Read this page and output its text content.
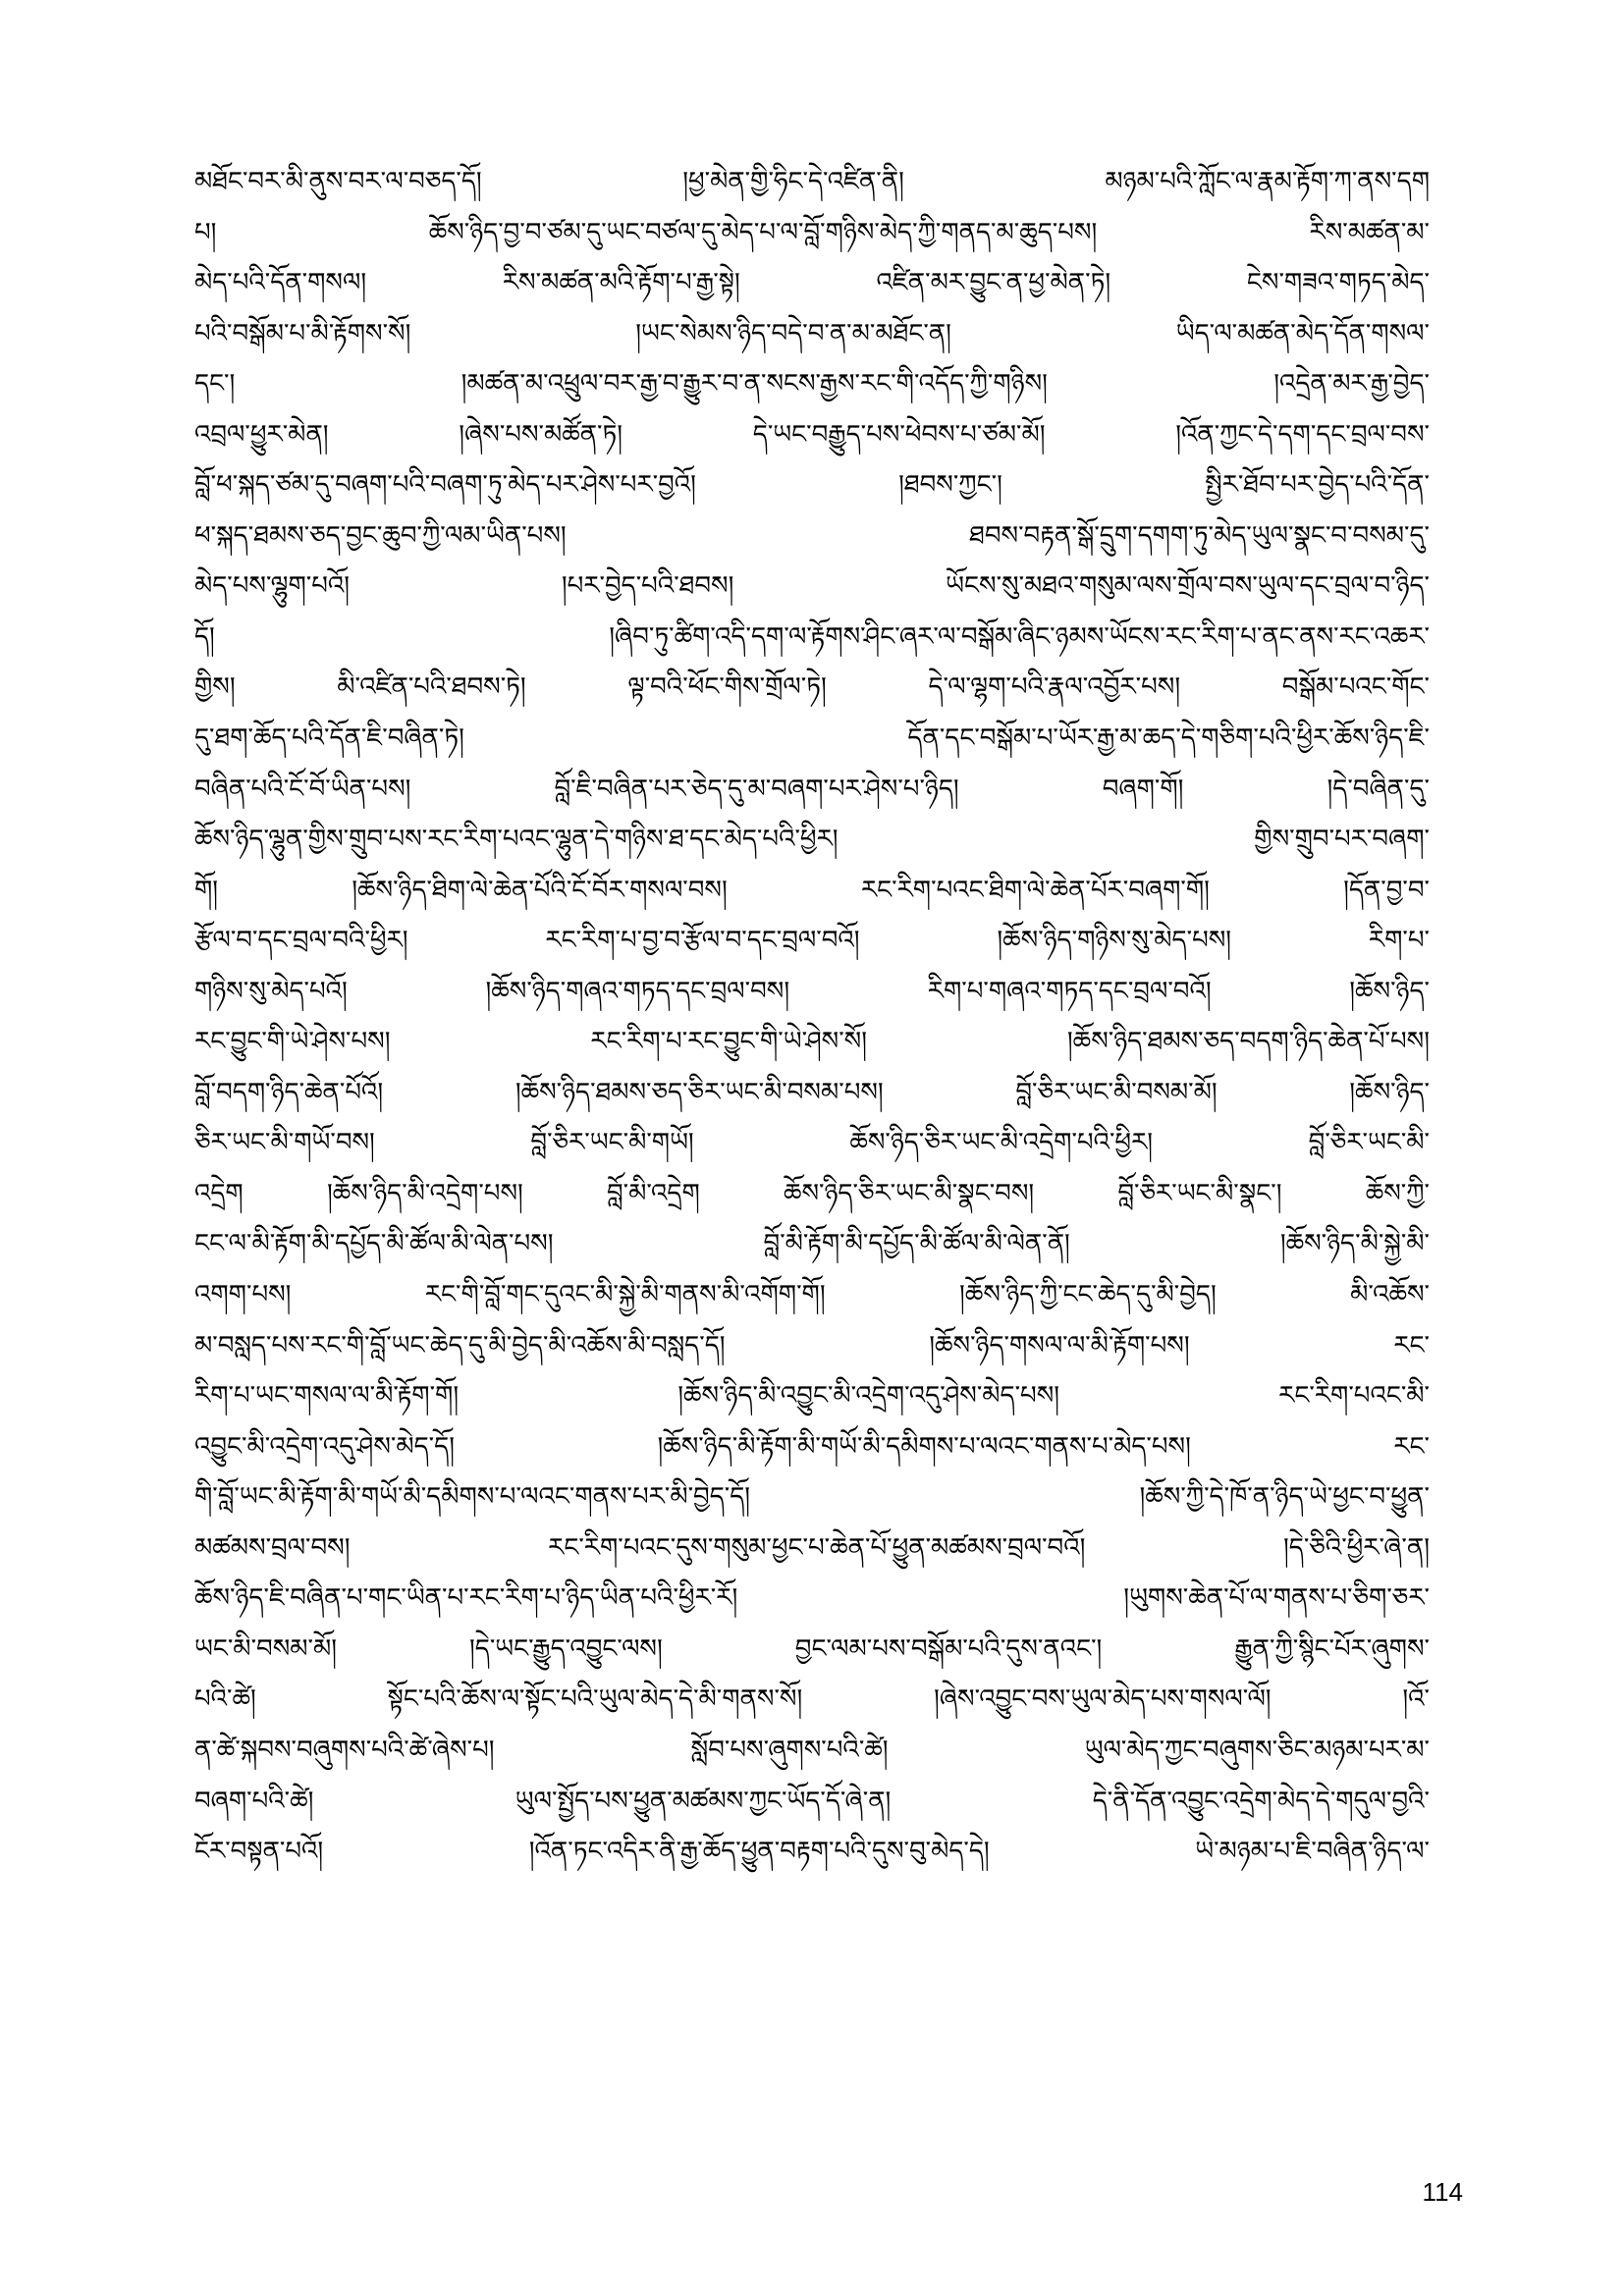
མཐོང་བར་མི་ནུས་བར་ལ་བཅད་དོ། །ཕྱ་མེན་གྱི་ཧིང་དེ་འཛིན་ནི། མཉམ་པའི་ཀློང་ལ་རྣམ་རྟོག་ཀ་ནས་དག
པ། ཆོས་ཉིད་བྱ་བ་ཙམ་དུ་ཡང་བཙལ་དུ་མེད་པ་ལ་བློ་གཉིས་མེད་ཀྱི་གནད་མ་ཆུད་པས། རིས་མཚན་མ་
མེད་པའི་དོན་གསལ། རིས་མཚན་མའི་རྟོག་པ་རྒྱ་སྟེ། འཛིན་མར་བྱུང་ན་ཕྱ་མེན་ཏེ། ངེས་གཟའ་གཏད་མེད་
པའི་བསྒོམ་པ་མི་རྟོགས་སོ། །ཡང་སེམས་ཉིད་བདེ་བ་ན་མ་མཐོང་ན། ཡིད་ལ་མཚན་མེད་དོན་གསལ་
དང་། །མཚན་མ་འཕྲུལ་བར་རྒྱ་བ་རྒྱུར་བ་ན་སངས་རྒྱས་རང་གི་འདོད་ཀྱི་གཉིས། །འདྲེན་མར་རྒྱ་བྱེད་
འབྲལ་ཕྱུར་མེན། །ཞེས་པས་མཚོན་ཏེ། དེ་ཡང་བརྒྱུད་པས་ཕེབས་པ་ཙམ་མོ། །འོན་ཀྱང་དེ་དག་དང་བྲལ་བས་
བློ་ཕ་སྐད་ཙམ་དུ་བཞག་པའི་བཞག་ཏུ་མེད་པར་ཤེས་པར་བྱའོ། །ཐབས་ཀྱང་། སྤྱིར་ཐོབ་པར་བྱེད་པའི་དོན་
ཕ་སྐད་ཐམས་ཅད་བྱང་ཆུབ་ཀྱི་ལམ་ཡིན་པས། ཐབས་བརྟན་སྒོ་དྲུག་དགག་ཏུ་མེད་ཡུལ་སྣང་བ་བསམ་དུ་
མེད་པས་ལྷུག་པའོ། །པར་བྱེད་པའི་ཐབས། ཡོངས་སུ་མཐའ་གསུམ་ལས་གྲོལ་བས་ཡུལ་དང་བྲལ་བ་ཉིད་
དོ། །ཞིབ་ཏུ་ཚིག་འདི་དག་ལ་རྟོགས་ཤིང་ཞར་ལ་བསྒོམ་ཞིང་ཉམས་ཡོངས་རང་རིག་པ་ནང་ནས་རང་འཆར་
གྱིས། མི་འཛིན་པའི་ཐབས་ཏེ། ལྟ་བའི་ཕོང་གིས་གྲོལ་ཏེ། དེ་ལ་ལྷག་པའི་རྣལ་འབྱོར་པས། བསྒོམ་པའང་གོང་
དུ་ཐག་ཆོད་པའི་དོན་ཇི་བཞིན་ཏེ། དོན་དང་བསྒོམ་པ་ཡོར་རྒྱ་མ་ཆད་དེ་གཅིག་པའི་ཕྱིར་ཆོས་ཉིད་ཇི་
བཞིན་པའི་ངོ་བོ་ཡིན་པས། བློ་ཇི་བཞིན་པར་ཅེད་དུ་མ་བཞག་པར་ཤེས་པ་ཉིད། བཞག་གོ། །དེ་བཞིན་དུ་
ཆོས་ཉིད་ལྷུན་གྱིས་གྲུབ་པས་རང་རིག་པའང་ལྷུན་དེ་གཉིས་ཐ་དང་མེད་པའི་ཕྱིར། གྱིས་གྲུབ་པར་བཞག་
གོ། །ཆོས་ཉིད་ཐིག་ལེ་ཆེན་པོའི་ངོ་བོར་གསལ་བས། རང་རིག་པའང་ཐིག་ལེ་ཆེན་པོར་བཞག་གོ། །དོན་བྱ་བ་
རྩོལ་བ་དང་བྲལ་བའི་ཕྱིར། རང་རིག་པ་བྱ་བ་རྩོལ་བ་དང་བྲལ་བའོ། །ཆོས་ཉིད་གཉིས་སུ་མེད་པས། རིག་པ་
གཉིས་སུ་མེད་པའོ། །ཆོས་ཉིད་གཞའ་གཏད་དང་བྲལ་བས། རིག་པ་གཞའ་གཏད་དང་བྲལ་བའོ། །ཆོས་ཉིད་
རང་བྱུང་གི་ཡེ་ཤེས་པས། རང་རིག་པ་རང་བྱུང་གི་ཡེ་ཤེས་སོ། །ཆོས་ཉིད་ཐམས་ཅད་བདག་ཉིད་ཆེན་པོ་པས།
བློ་བདག་ཉིད་ཆེན་པོའོ། །ཆོས་ཉིད་ཐམས་ཅད་ཅིར་ཡང་མི་བསམ་པས། བློ་ཅིར་ཡང་མི་བསམ་མོ། །ཆོས་ཉིད་
ཅིར་ཡང་མི་གཡོ་བས། བློ་ཅིར་ཡང་མི་གཡོ། ཆོས་ཉིད་ཅིར་ཡང་མི་འདྲེག་པའི་ཕྱིར། བློ་ཅིར་ཡང་མི་
འདྲེག །ཆོས་ཉིད་མི་འདྲེག་པས། བློ་མི་འདྲེག ཆོས་ཉིད་ཅིར་ཡང་མི་སྣང་བས། བློ་ཅིར་ཡང་མི་སྣང་། ཆོས་ཀྱི་
ངང་ལ་མི་རྟོག་མི་དཔྱོད་མི་ཚོལ་མི་ལེན་པས། བློ་མི་རྟོག་མི་དཔྱོད་མི་ཚོལ་མི་ལེན་ནོ། །ཆོས་ཉིད་མི་སྐྱེ་མི་
འགག་པས། རང་གི་བློ་གང་དུའང་མི་སྐྱེ་མི་གནས་མི་འགོག་གོ། །ཆོས་ཉིད་ཀྱི་ངང་ཆེད་དུ་མི་བྱེད། མི་འཆོས་
མ་བསླད་པས་རང་གི་བློ་ཡང་ཆེད་དུ་མི་བྱེད་མི་འཆོས་མི་བསླད་དོ། །ཆོས་ཉིད་གསལ་ལ་མི་རྟོག་པས། རང་
རིག་པ་ཡང་གསལ་ལ་མི་རྟོག་གོ། །ཆོས་ཉིད་མི་འབྱུང་མི་འདྲེག་འདུ་ཤེས་མེད་པས། རང་རིག་པའང་མི་
འབྱུང་མི་འདྲེག་འདུ་ཤེས་མེད་དོ། །ཆོས་ཉིད་མི་རྟོག་མི་གཡོ་མི་དམིགས་པ་ལའང་གནས་པ་མེད་པས། རང་
གི་བློ་ཡང་མི་རྟོག་མི་གཡོ་མི་དམིགས་པ་ལའང་གནས་པར་མི་བྱེད་དོ། །ཆོས་ཀྱི་དེ་ཁོ་ན་ཉིད་ཡེ་ཕྱང་བ་ཕྱུན་
མཚམས་བྲལ་བས། རང་རིག་པའང་དུས་གསུམ་ཕྱང་པ་ཆེན་པོ་ཕྱུན་མཚམས་བྲལ་བའོ། །དེ་ཅིའི་ཕྱིར་ཞེ་ན།
ཆོས་ཉིད་ཇི་བཞིན་པ་གང་ཡིན་པ་རང་རིག་པ་ཉིད་ཡིན་པའི་ཕྱིར་རོ། །ཡུགས་ཆེན་པོ་ལ་གནས་པ་ཅིག་ཅར་
ཡང་མི་བསམ་མོ། །དེ་ཡང་རྒྱུད་འབྱུང་ལས། བྱང་ལམ་པས་བསྒོམ་པའི་དུས་ནའང་། རྒྱུན་ཀྱི་སྙིང་པོར་ཞུགས་
པའི་ཚེ། སྟོང་པའི་ཆོས་ལ་སྟོང་པའི་ཡུལ་མེད་དེ་མི་གནས་སོ། །ཞེས་འབྱུང་བས་ཡུལ་མེད་པས་གསལ་ལོ། །འོ་
ན་ཚེ་སྐབས་བཞུགས་པའི་ཚེ་ཞེས་པ། སློབ་པས་ཞུགས་པའི་ཚེ། ཡུལ་མེད་ཀྱང་བཞུགས་ཅིང་མཉམ་པར་མ་
བཞག་པའི་ཚེ། ཡུལ་སྤྱོད་པས་ཕྱུན་མཚམས་ཀྱང་ཡོད་དོ་ཞེ་ན། དེ་ནི་དོན་འབྱུང་འདྲེག་མེད་དེ་གདུལ་བྱའི་
ངོར་བསྟན་པའོ། །འོན་ཏང་འདིར་ནི་རྒྱ་ཆོད་ཕྱུན་བརྟག་པའི་དུས་བུ་མེད་དེ། ཡེ་མཉམ་པ་ཇི་བཞིན་ཉིད་ལ་
114
